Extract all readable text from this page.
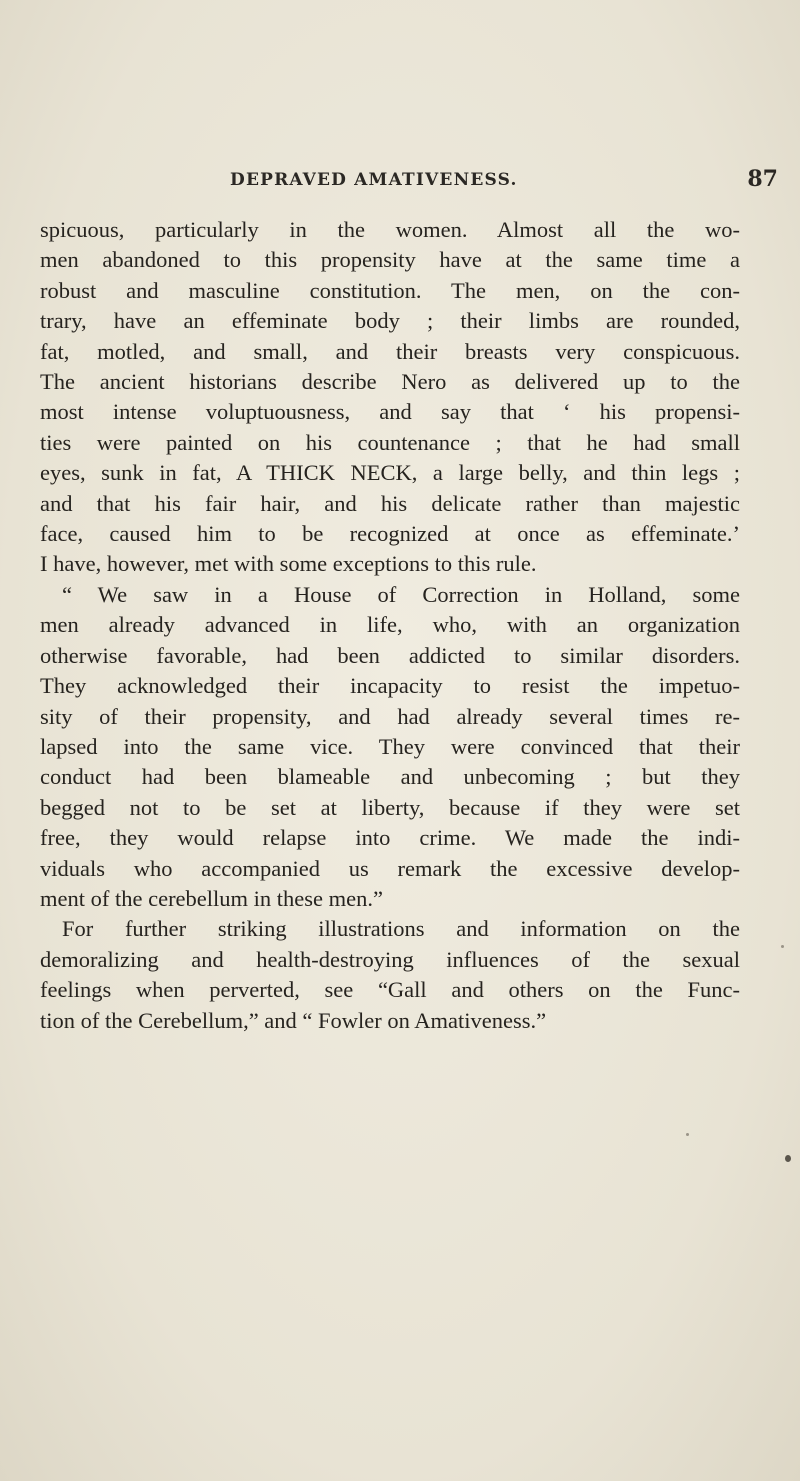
DEPRAVED AMATIVENESS.	87
spicuous, particularly in the women. Almost all the wo-
men abandoned to this propensity have at the same time a
robust and masculine constitution. The men, on the con-
trary, have an effeminate body ; their limbs are rounded,
fat, motled, and small, and their breasts very conspicuous.
The ancient historians describe Nero as delivered up to the
most intense voluptuousness, and say that ‘ his propensi-
ties were painted on his countenance ; that he had small
eyes, sunk in fat, A THICK NECK, a large belly, and thin legs ;
and that his fair hair, and his delicate rather than majestic
face, caused him to be recognized at once as effeminate.’
I have, however, met with some exceptions to this rule.
“ We saw in a House of Correction in Holland, some
men already advanced in life, who, with an organization
otherwise favorable, had been addicted to similar disorders.
They acknowledged their incapacity to resist the impetuo-
sity of their propensity, and had already several times re-
lapsed into the same vice. They were convinced that their
conduct had been blameable and unbecoming ; but they
begged not to be set at liberty, because if they were set
free, they would relapse into crime. We made the indi-
viduals who accompanied us remark the excessive develop-
ment of the cerebellum in these men.”
For further striking illustrations and information on the
demoralizing and health-destroying influences of the sexual
feelings when perverted, see “Gall and others on the Func-
tion of the Cerebellum,” and “ Fowler on Amativeness.”
